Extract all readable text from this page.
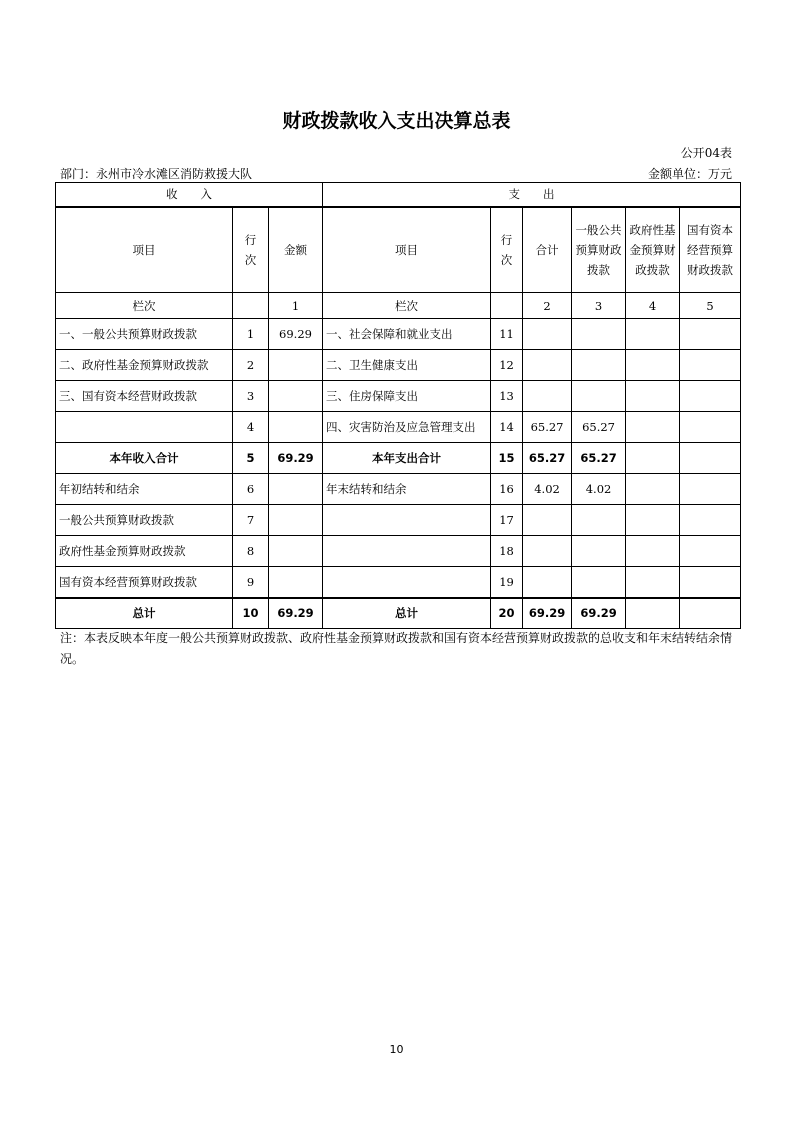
财政拨款收入支出决算总表
公开04表
部门：永州市冷水滩区消防救援大队	金额单位：万元
收　　入			支　　出					
项目	行次	金额	项目	行次	合计	一般公共预算财政拨款	政府性基金预算财政拨款	国有资本经营预算财政拨款
栏次		1	栏次		2	3	4	5
一、一般公共预算财政拨款	1	69.29	一、社会保障和就业支出	11				
二、政府性基金预算财政拨款	2		二、卫生健康支出	12				
三、国有资本经营财政拨款	3		三、住房保障支出	13				
	4		四、灾害防治及应急管理支出	14	65.27	65.27		
本年收入合计	5	69.29	本年支出合计	15	65.27	65.27		
年初结转和结余	6		年末结转和结余	16	4.02	4.02		
一般公共预算财政拨款	7			17				
政府性基金预算财政拨款	8			18				
国有资本经营预算财政拨款	9			19				
总计	10	69.29	总计	20	69.29	69.29		
注：本表反映本年度一般公共预算财政拨款、政府性基金预算财政拨款和国有资本经营预算财政拨款的总收支和年末结转结余情况。
10
